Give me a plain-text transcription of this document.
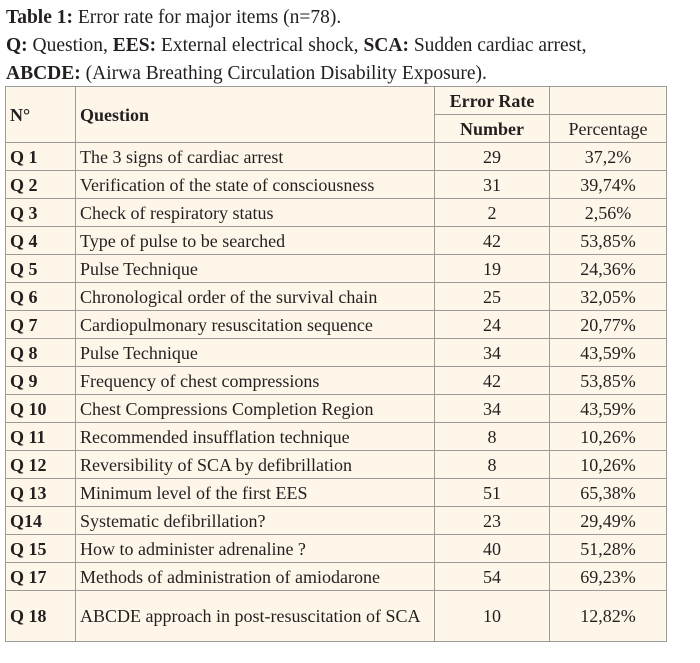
Table 1: Error rate for major items (n=78).
Q: Question, EES: External electrical shock, SCA: Sudden cardiac arrest,
ABCDE: (Airwa Breathing Circulation Disability Exposure).
N°	Question	Error Rate	
		Number	Percentage
Q 1	The 3 signs of cardiac arrest	29	37,2%
Q 2	Verification of the state of consciousness	31	39,74%
Q 3	Check of respiratory status	2	2,56%
Q 4	Type of pulse to be searched	42	53,85%
Q 5	Pulse Technique	19	24,36%
Q 6	Chronological order of the survival chain	25	32,05%
Q 7	Cardiopulmonary resuscitation sequence	24	20,77%
Q 8	Pulse Technique	34	43,59%
Q 9	Frequency of chest compressions	42	53,85%
Q 10	Chest Compressions Completion Region	34	43,59%
Q 11	Recommended insufflation technique	8	10,26%
Q 12	Reversibility of SCA by defibrillation	8	10,26%
Q 13	Minimum level of the first EES	51	65,38%
Q14	Systematic defibrillation?	23	29,49%
Q 15	How to administer adrenaline ?	40	51,28%
Q 17	Methods of administration of amiodarone	54	69,23%
Q 18	ABCDE approach in post-resuscitation of SCA	10	12,82%
